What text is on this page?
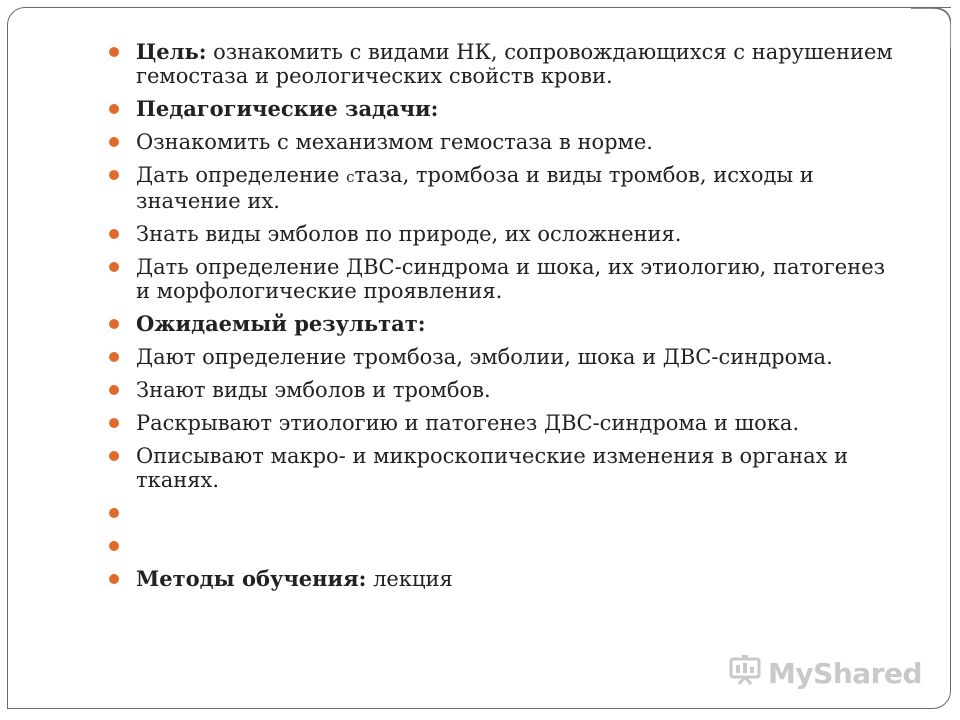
Цель: ознакомить с видами НК, сопровождающихся с нарушением гемостаза и реологических свойств крови.
Педагогические задачи:
Ознакомить с механизмом гемостаза в норме.
Дать определение стаза, тромбоза и виды тромбов, исходы и значение их.
Знать виды эмболов по природе, их осложнения.
Дать определение ДВС-синдрома и шока, их этиологию, патогенез и морфологические проявления.
Ожидаемый результат:
Дают определение тромбоза, эмболии, шока и ДВС-синдрома.
Знают виды эмболов и тромбов.
Раскрывают этиологию и патогенез ДВС-синдрома и шока.
Описывают макро- и микроскопические изменения в органах и тканях.
Методы обучения: лекция
MyShared
